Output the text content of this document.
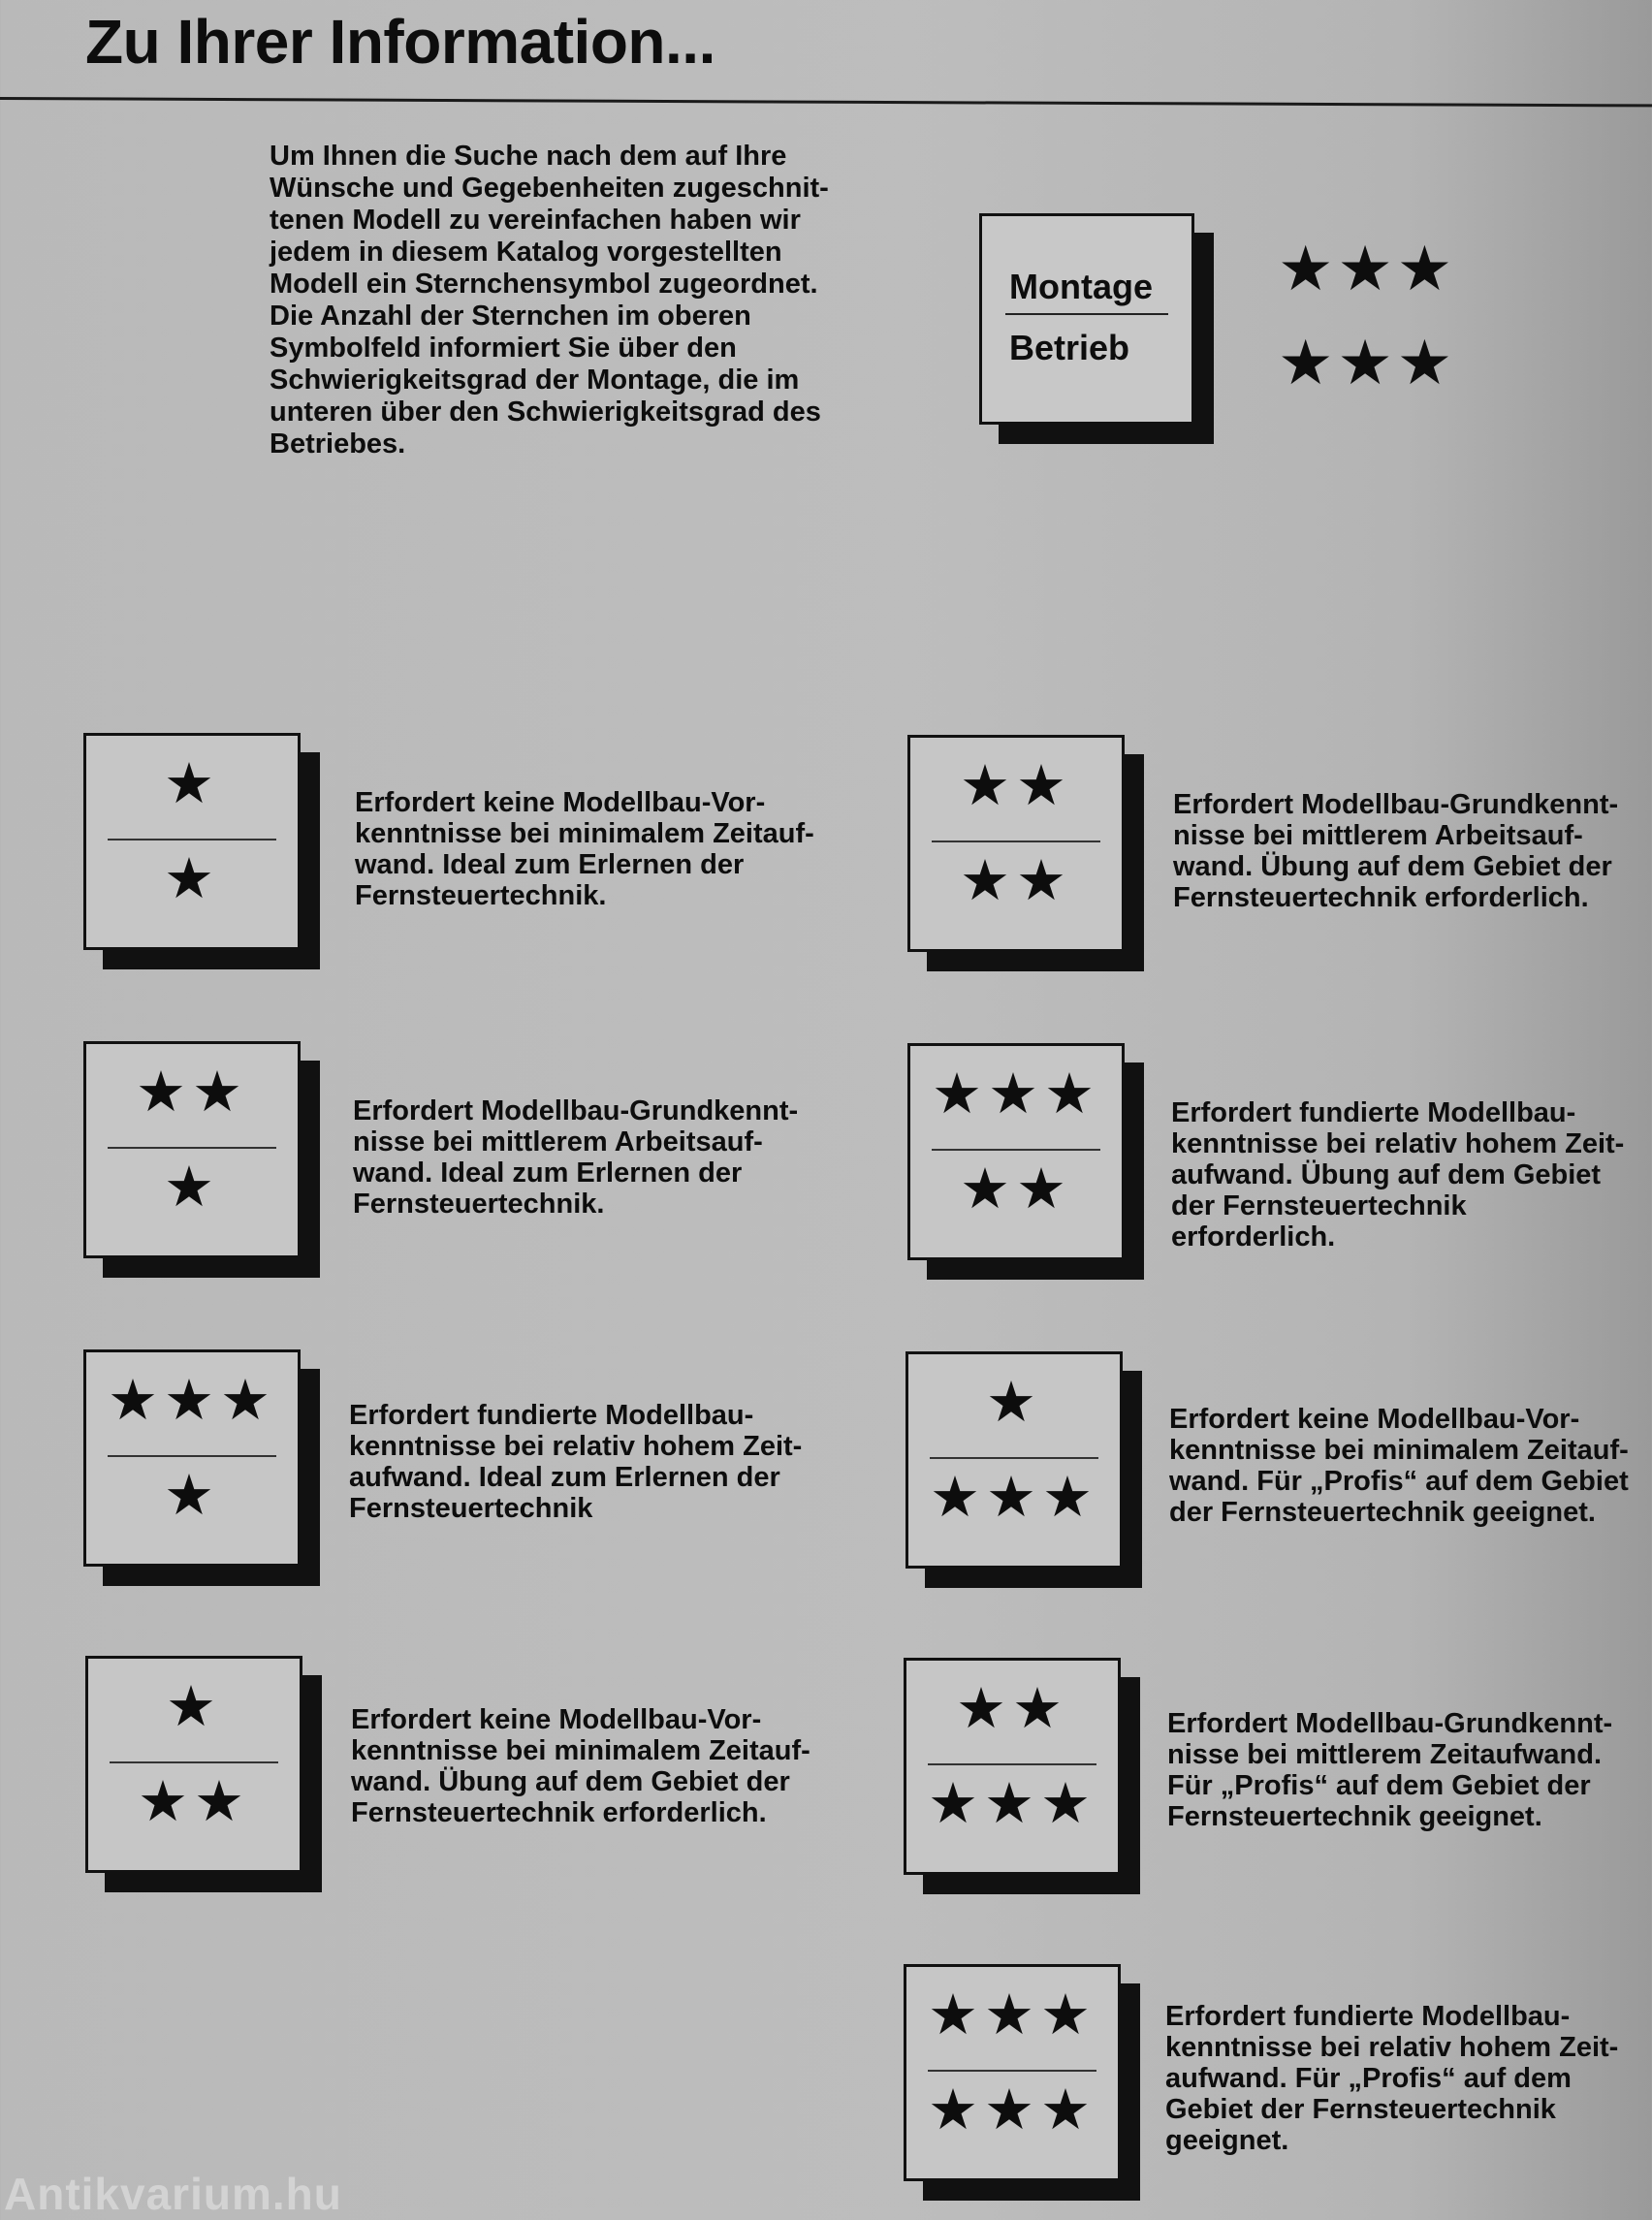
Zu Ihrer Information...

Um Ihnen die Suche nach dem auf Ihre
Wünsche und Gegebenheiten zugeschnit-
tenen Modell zu vereinfachen haben wir
jedem in diesem Katalog vorgestellten
Modell ein Sternchensymbol zugeordnet.
Die Anzahl der Sternchen im oberen
Symbolfeld informiert Sie über den
Schwierigkeitsgrad der Montage, die im
unteren über den Schwierigkeitsgrad des
Betriebes.

Montage
Betrieb
★★★
★★★
★
★

Erfordert keine Modellbau-Vor-
kenntnisse bei minimalem Zeitauf-
wand. Ideal zum Erlernen der
Fernsteuertechnik.

★★
★

Erfordert Modellbau-Grundkennt-
nisse bei mittlerem Arbeitsauf-
wand. Ideal zum Erlernen der
Fernsteuertechnik.

★★★
★

Erfordert fundierte Modellbau-
kenntnisse bei relativ hohem Zeit-
aufwand. Ideal zum Erlernen der
Fernsteuertechnik

★
★★

Erfordert keine Modellbau-Vor-
kenntnisse bei minimalem Zeitauf-
wand. Übung auf dem Gebiet der
Fernsteuertechnik erforderlich.

★★
★★

Erfordert Modellbau-Grundkennt-
nisse bei mittlerem Arbeitsauf-
wand. Übung auf dem Gebiet der
Fernsteuertechnik erforderlich.

★★★
★★

Erfordert fundierte Modellbau-
kenntnisse bei relativ hohem Zeit-
aufwand. Übung auf dem Gebiet
der Fernsteuertechnik erforderlich.

★
★★★

Erfordert keine Modellbau-Vor-
kenntnisse bei minimalem Zeitauf-
wand. Für „Profis“ auf dem Gebiet
der Fernsteuertechnik geeignet.

★★
★★★

Erfordert Modellbau-Grundkennt-
nisse bei mittlerem Zeitaufwand.
Für „Profis“ auf dem Gebiet der
Fernsteuertechnik geeignet.

★★★
★★★

Erfordert fundierte Modellbau-
kenntnisse bei relativ hohem Zeit-
aufwand. Für „Profis“ auf dem
Gebiet der Fernsteuertechnik
geeignet.

Antikvarium.hu
